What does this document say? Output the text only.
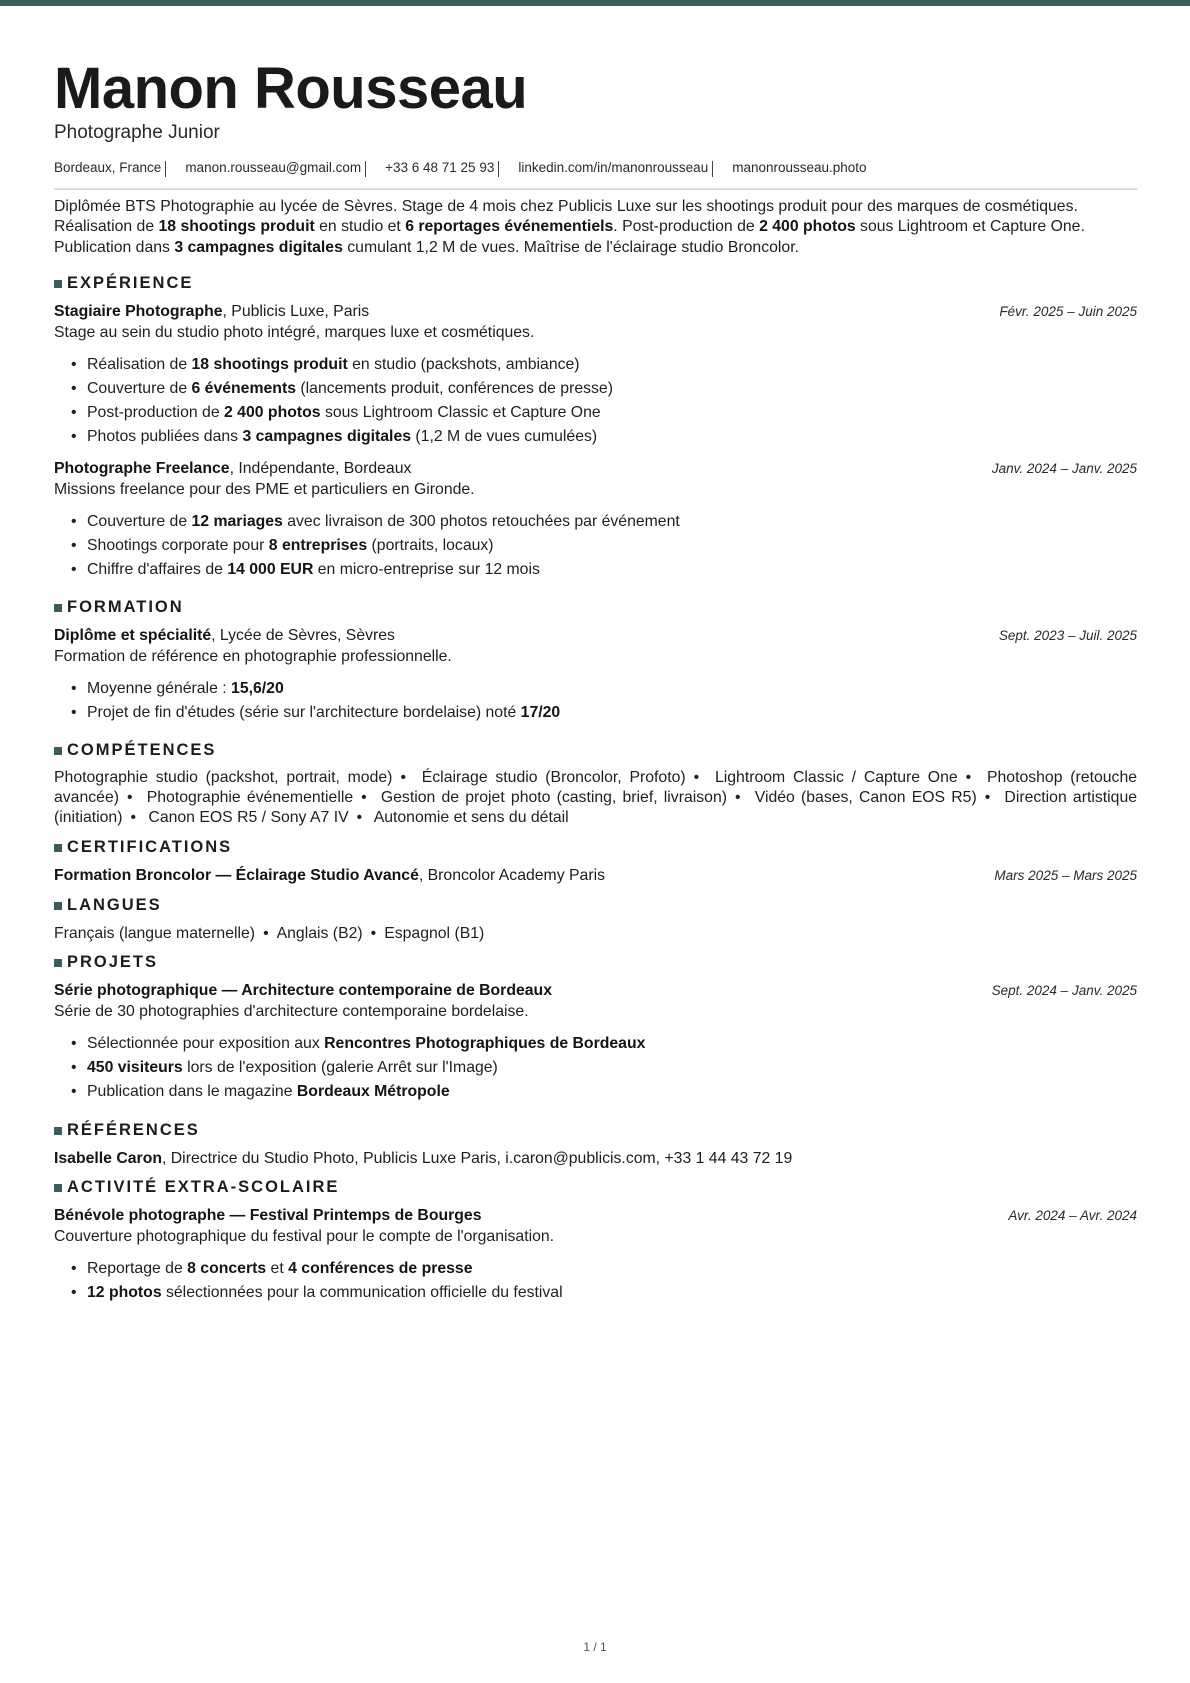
Manon Rousseau
Photographe Junior
Bordeaux, France manon.rousseau@gmail.com +33 6 48 71 25 93 linkedin.com/in/manonrousseau manonrousseau.photo
Diplômée BTS Photographie au lycée de Sèvres. Stage de 4 mois chez Publicis Luxe sur les shootings produit pour des marques de cosmétiques.
Réalisation de 18 shootings produit en studio et 6 reportages événementiels. Post-production de 2 400 photos sous Lightroom et Capture One.
Publication dans 3 campagnes digitales cumulant 1,2 M de vues. Maîtrise de l'éclairage studio Broncolor.
EXPÉRIENCE
Stagiaire Photographe, Publicis Luxe, Paris	Févr. 2025 – Juin 2025
Stage au sein du studio photo intégré, marques luxe et cosmétiques.
• Réalisation de 18 shootings produit en studio (packshots, ambiance)
• Couverture de 6 événements (lancements produit, conférences de presse)
• Post-production de 2 400 photos sous Lightroom Classic et Capture One
• Photos publiées dans 3 campagnes digitales (1,2 M de vues cumulées)
Photographe Freelance, Indépendante, Bordeaux	Janv. 2024 – Janv. 2025
Missions freelance pour des PME et particuliers en Gironde.
• Couverture de 12 mariages avec livraison de 300 photos retouchées par événement
• Shootings corporate pour 8 entreprises (portraits, locaux)
• Chiffre d'affaires de 14 000 EUR en micro-entreprise sur 12 mois
FORMATION
Diplôme et spécialité, Lycée de Sèvres, Sèvres	Sept. 2023 – Juil. 2025
Formation de référence en photographie professionnelle.
• Moyenne générale : 15,6/20
• Projet de fin d'études (série sur l'architecture bordelaise) noté 17/20
COMPÉTENCES
Photographie studio (packshot, portrait, mode) • Éclairage studio (Broncolor, Profoto) • Lightroom Classic / Capture One • Photoshop (retouche avancée) • Photographie événementielle • Gestion de projet photo (casting, brief, livraison) • Vidéo (bases, Canon EOS R5) • Direction artistique (initiation) • Canon EOS R5 / Sony A7 IV • Autonomie et sens du détail
CERTIFICATIONS
Formation Broncolor — Éclairage Studio Avancé, Broncolor Academy Paris	Mars 2025 – Mars 2025
LANGUES
Français (langue maternelle) • Anglais (B2) • Espagnol (B1)
PROJETS
Série photographique — Architecture contemporaine de Bordeaux	Sept. 2024 – Janv. 2025
Série de 30 photographies d'architecture contemporaine bordelaise.
• Sélectionnée pour exposition aux Rencontres Photographiques de Bordeaux
• 450 visiteurs lors de l'exposition (galerie Arrêt sur l'Image)
• Publication dans le magazine Bordeaux Métropole
RÉFÉRENCES
Isabelle Caron, Directrice du Studio Photo, Publicis Luxe Paris, i.caron@publicis.com, +33 1 44 43 72 19
ACTIVITÉ EXTRA-SCOLAIRE
Bénévole photographe — Festival Printemps de Bourges	Avr. 2024 – Avr. 2024
Couverture photographique du festival pour le compte de l'organisation.
• Reportage de 8 concerts et 4 conférences de presse
• 12 photos sélectionnées pour la communication officielle du festival
1 / 1
